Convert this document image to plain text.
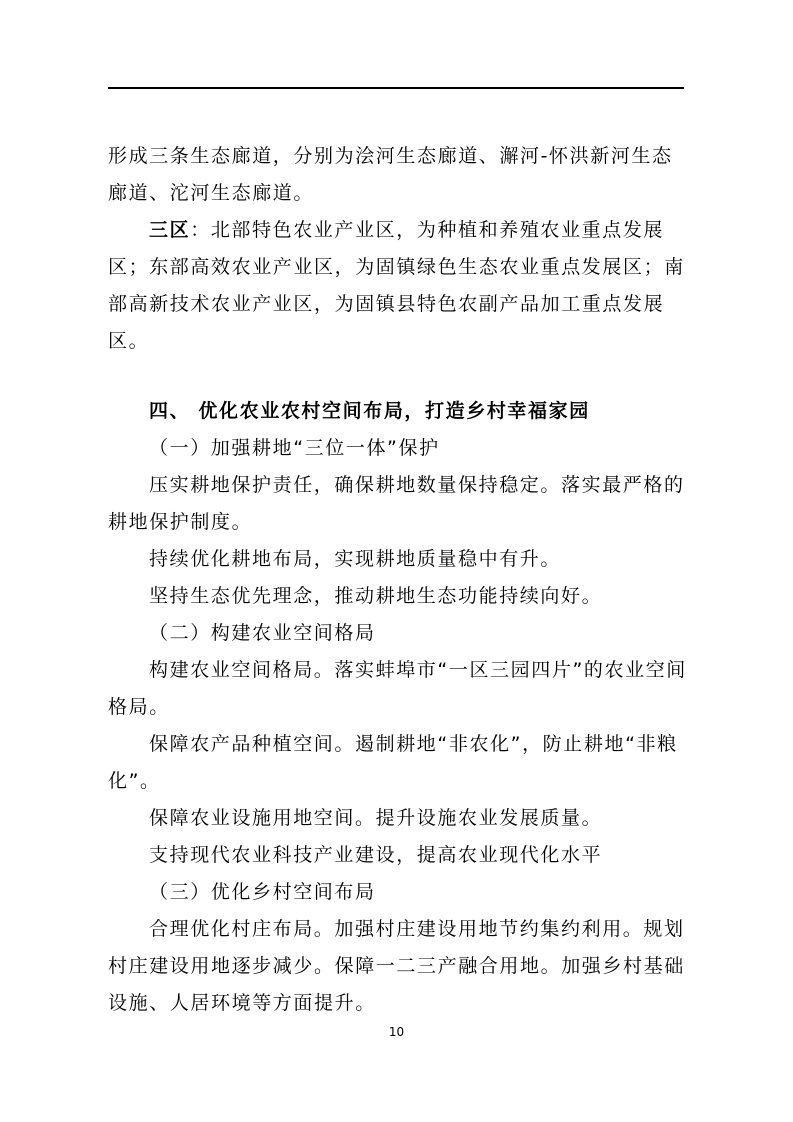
形成三条生态廊道，分别为浍河生态廊道、澥河-怀洪新河生态廊道、沱河生态廊道。

三区：北部特色农业产业区，为种植和养殖农业重点发展区；东部高效农业产业区，为固镇绿色生态农业重点发展区；南部高新技术农业产业区，为固镇县特色农副产品加工重点发展区。

四、 优化农业农村空间布局，打造乡村幸福家园

（一）加强耕地“三位一体”保护

压实耕地保护责任，确保耕地数量保持稳定。落实最严格的耕地保护制度。

持续优化耕地布局，实现耕地质量稳中有升。

坚持生态优先理念，推动耕地生态功能持续向好。

（二）构建农业空间格局

构建农业空间格局。落实蚌埠市“一区三园四片”的农业空间格局。

保障农产品种植空间。遏制耕地“非农化”，防止耕地“非粮化”。

保障农业设施用地空间。提升设施农业发展质量。

支持现代农业科技产业建设，提高农业现代化水平

（三）优化乡村空间布局

合理优化村庄布局。加强村庄建设用地节约集约利用。规划村庄建设用地逐步减少。保障一二三产融合用地。加强乡村基础设施、人居环境等方面提升。

10
